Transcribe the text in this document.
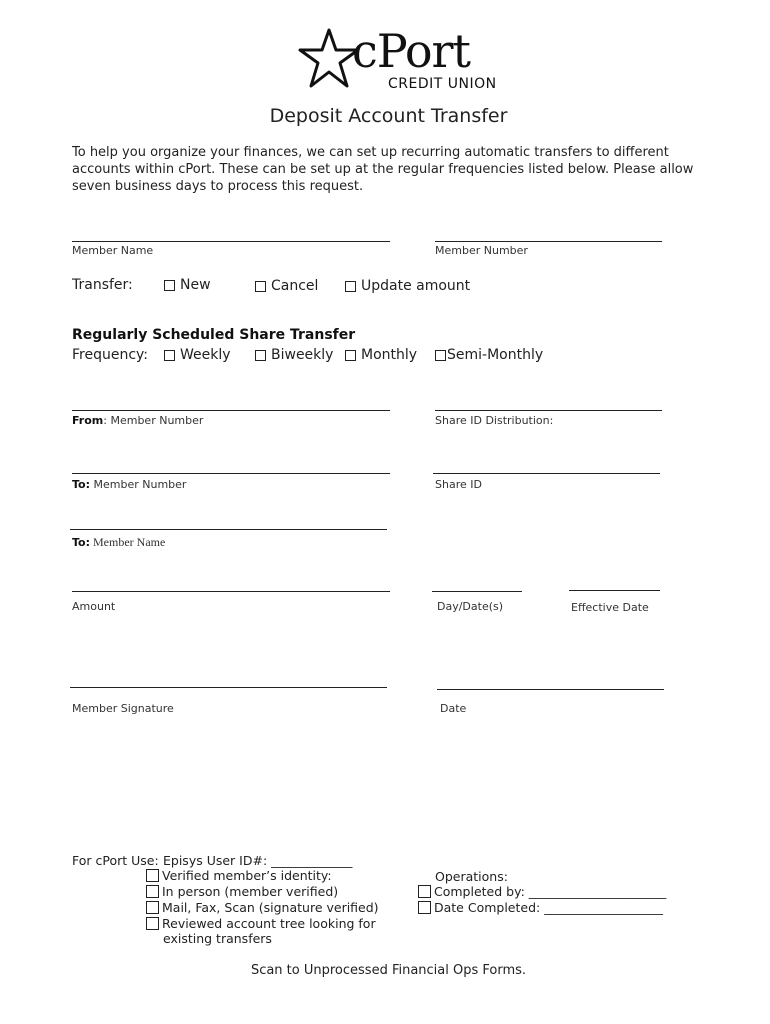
cPort
CREDIT UNION
Deposit Account Transfer
To help you organize your finances, we can set up recurring automatic transfers to different accounts within cPort. These can be set up at the regular frequencies listed below. Please allow seven business days to process this request.
Member Name	Member Number
Transfer:	New	Cancel	Update amount
Regularly Scheduled Share Transfer
Frequency: Weekly	Biweekly Monthly Semi-Monthly
From: Member Number	Share ID Distribution:
To: Member Number	Share ID
To: Member Name
Amount	Day/Date(s)	Effective Date
Member Signature	Date
For cPort Use: Episys User ID#: _____________
Verified member’s identity:
In person (member verified)
Mail, Fax, Scan (signature verified)
Reviewed account tree looking for
existing transfers
Operations:
Completed by: ______________________
Date Completed: ___________________
Scan to Unprocessed Financial Ops Forms.
